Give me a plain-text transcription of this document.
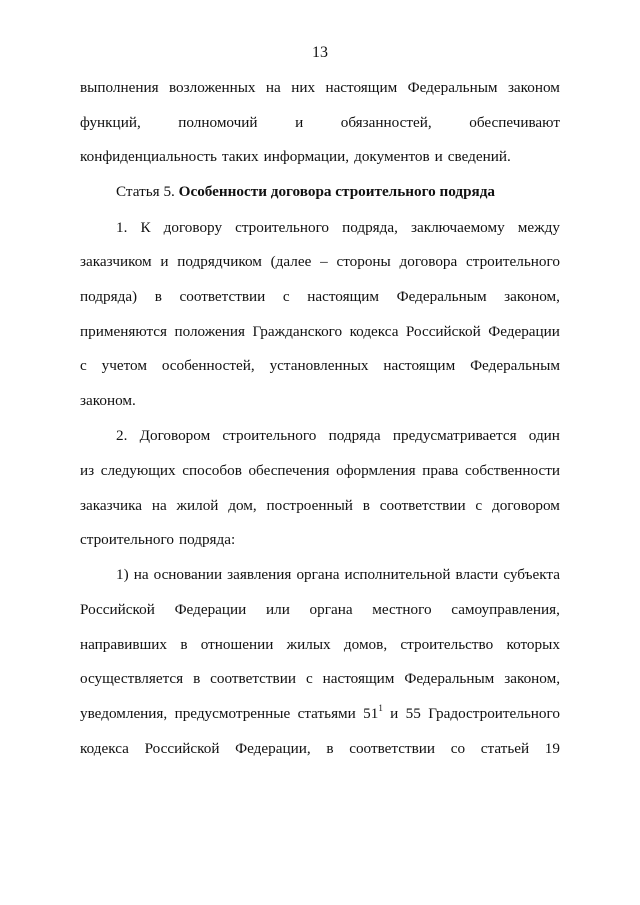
13
выполнения возложенных на них настоящим Федеральным законом
функций, полномочий и обязанностей, обеспечивают
конфиденциальность таких информации, документов и сведений.
Статья 5. Особенности договора строительного подряда
1. К договору строительного подряда, заключаемому между
заказчиком и подрядчиком (далее – стороны договора строительного
подряда) в соответствии с настоящим Федеральным законом,
применяются положения Гражданского кодекса Российской Федерации
с учетом особенностей, установленных настоящим Федеральным
законом.
2. Договором строительного подряда предусматривается один
из следующих способов обеспечения оформления права собственности
заказчика на жилой дом, построенный в соответствии с договором
строительного подряда:
1) на основании заявления органа исполнительной власти субъекта
Российской Федерации или органа местного самоуправления,
направивших в отношении жилых домов, строительство которых
осуществляется в соответствии с настоящим Федеральным законом,
уведомления, предусмотренные статьями $51^1$ и 55 Градостроительного
кодекса Российской Федерации, в соответствии со статьей 19
